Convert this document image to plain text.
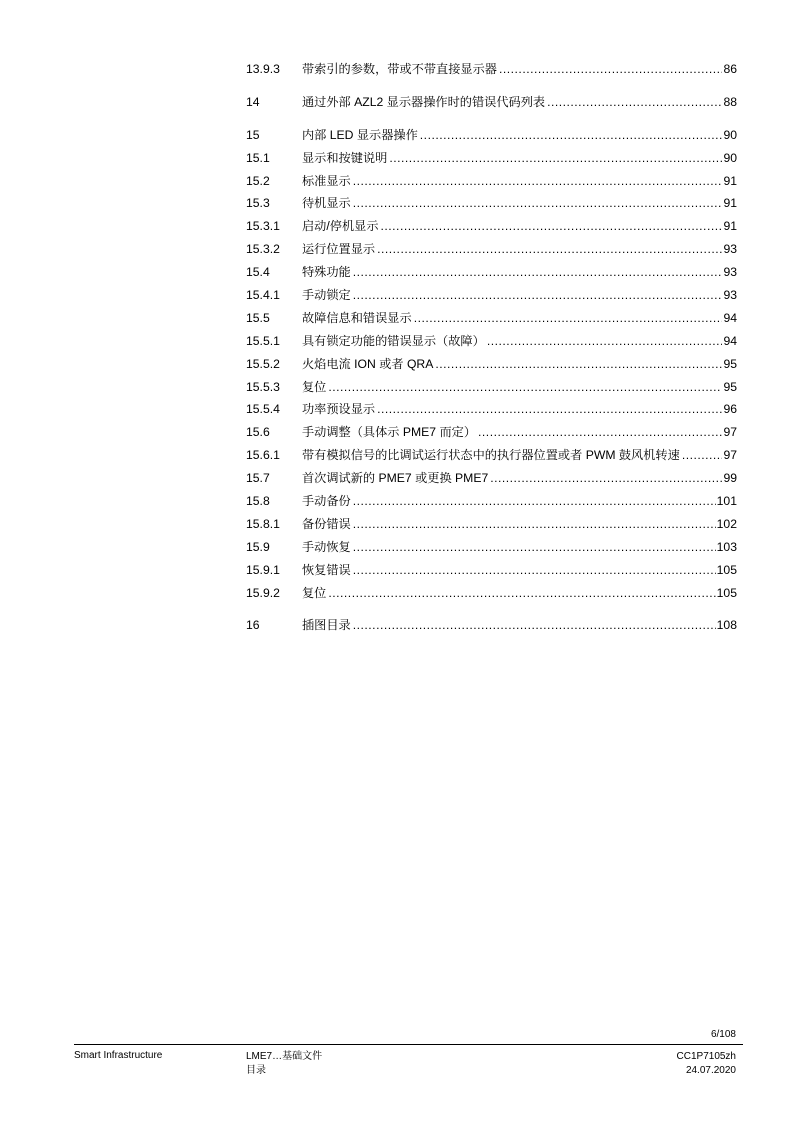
13.9.3	带索引的参数，带或不带直接显示器 .....	86
14	通过外部 AZL2 显示器操作时的错误代码列表 .....	88
15	内部 LED 显示器操作 .....	90
15.1	显示和按键说明 .....	90
15.2	标准显示 .....	91
15.3	待机显示 .....	91
15.3.1	启动/停机显示 .....	91
15.3.2	运行位置显示 .....	93
15.4	特殊功能 .....	93
15.4.1	手动锁定 .....	93
15.5	故障信息和错误显示 .....	94
15.5.1	具有锁定功能的错误显示（故障） .....	94
15.5.2	火焰电流 ION 或者 QRA .....	95
15.5.3	复位 .....	95
15.5.4	功率预设显示 .....	96
15.6	手动调整（具体示 PME7 而定） .....	97
15.6.1	带有模拟信号的比调试运行状态中的执行器位置或者 PWM 鼓风机转速 .....	97
15.7	首次调试新的 PME7 或更换 PME7 .....	99
15.8	手动备份 .....	101
15.8.1	备份错误 .....	102
15.9	手动恢复 .....	103
15.9.1	恢复错误 .....	105
15.9.2	复位 .....	105
16	插图目录 .....	108
6/108
Smart Infrastructure	LME7…基础文件
目录
CC1P7105zh
24.07.2020
